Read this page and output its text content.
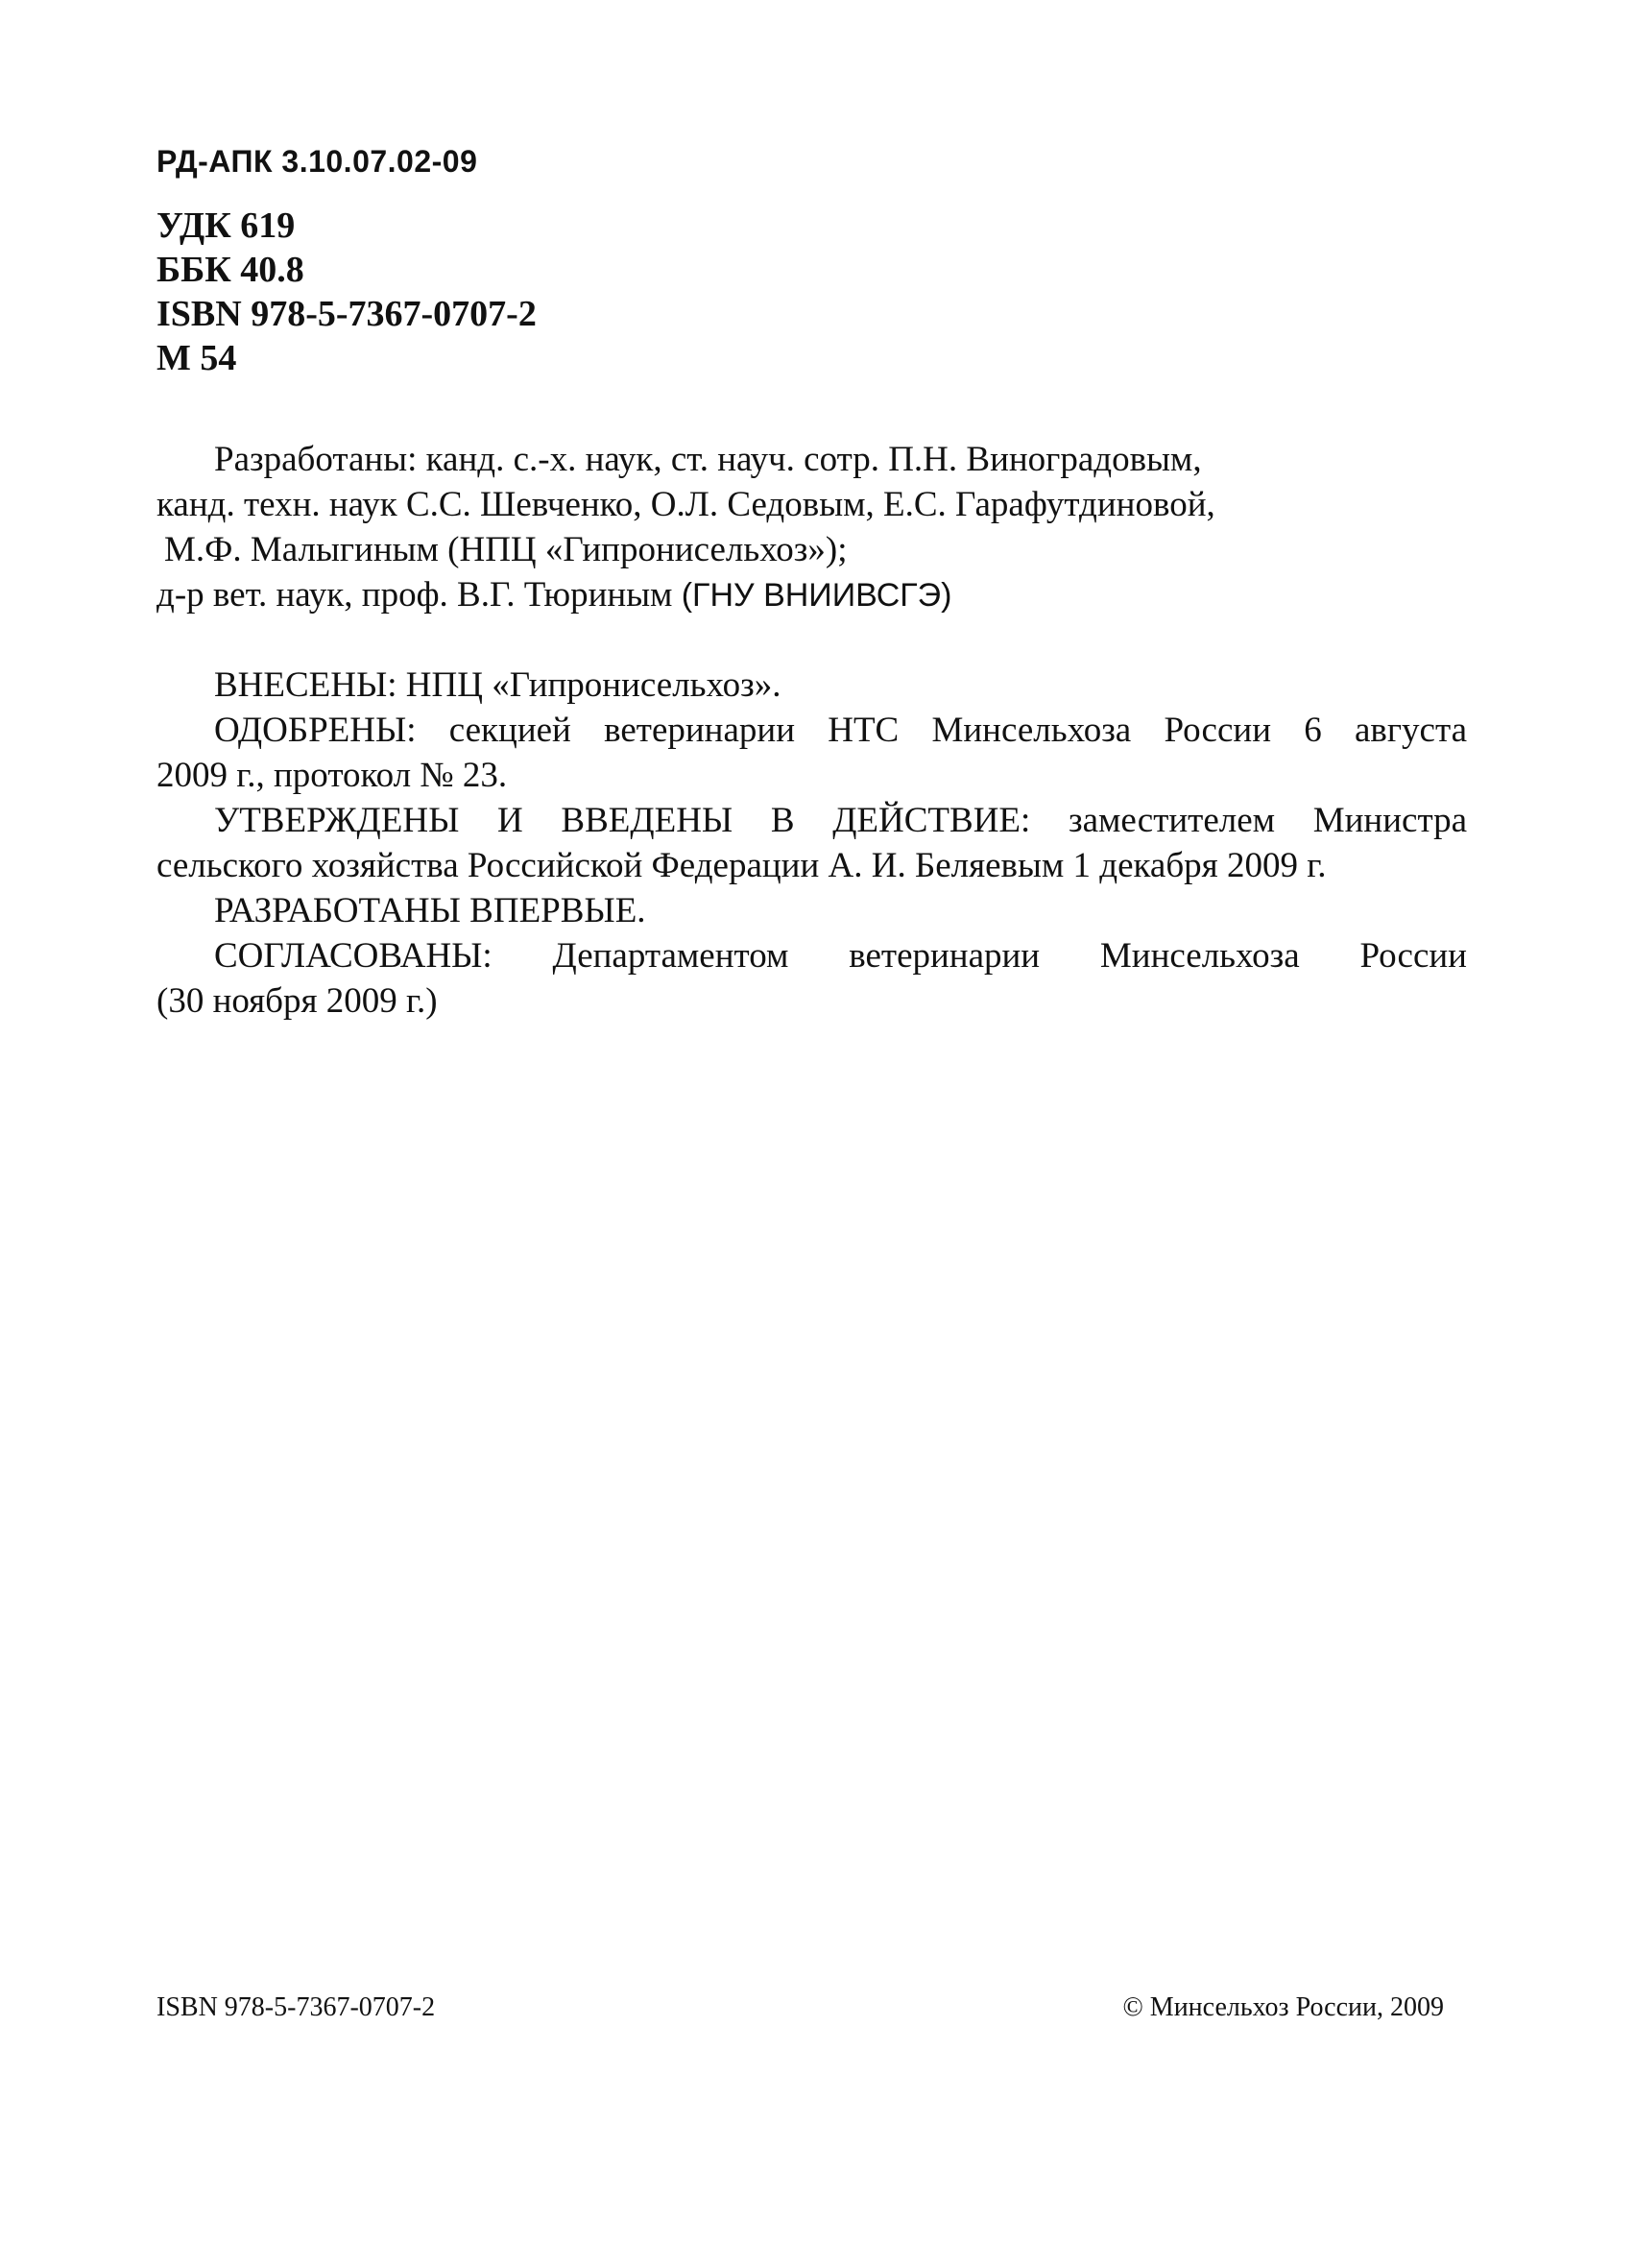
РД-АПК 3.10.07.02-09
УДК 619
ББК 40.8
ISBN 978-5-7367-0707-2
М 54
Разработаны: канд. с.-х. наук, ст. науч. сотр. П.Н. Виноградовым,
канд. техн. наук С.С. Шевченко, О.Л. Седовым, Е.С. Гарафутдиновой,
М.Ф. Малыгиным (НПЦ «Гипронисельхоз»);
д-р вет. наук, проф. В.Г. Тюриным (ГНУ ВНИИВСГЭ)
ВНЕСЕНЫ: НПЦ «Гипронисельхоз».
ОДОБРЕНЫ: секцией ветеринарии НТС Минсельхоза России 6 августа
2009 г., протокол № 23.
УТВЕРЖДЕНЫ И ВВЕДЕНЫ В ДЕЙСТВИЕ: заместителем Министра
сельского хозяйства Российской Федерации А. И. Беляевым 1 декабря 2009 г.
РАЗРАБОТАНЫ ВПЕРВЫЕ.
СОГЛАСОВАНЫ: Департаментом ветеринарии Минсельхоза России
(30 ноября 2009 г.)
ISBN 978-5-7367-0707-2	© Минсельхоз России, 2009
